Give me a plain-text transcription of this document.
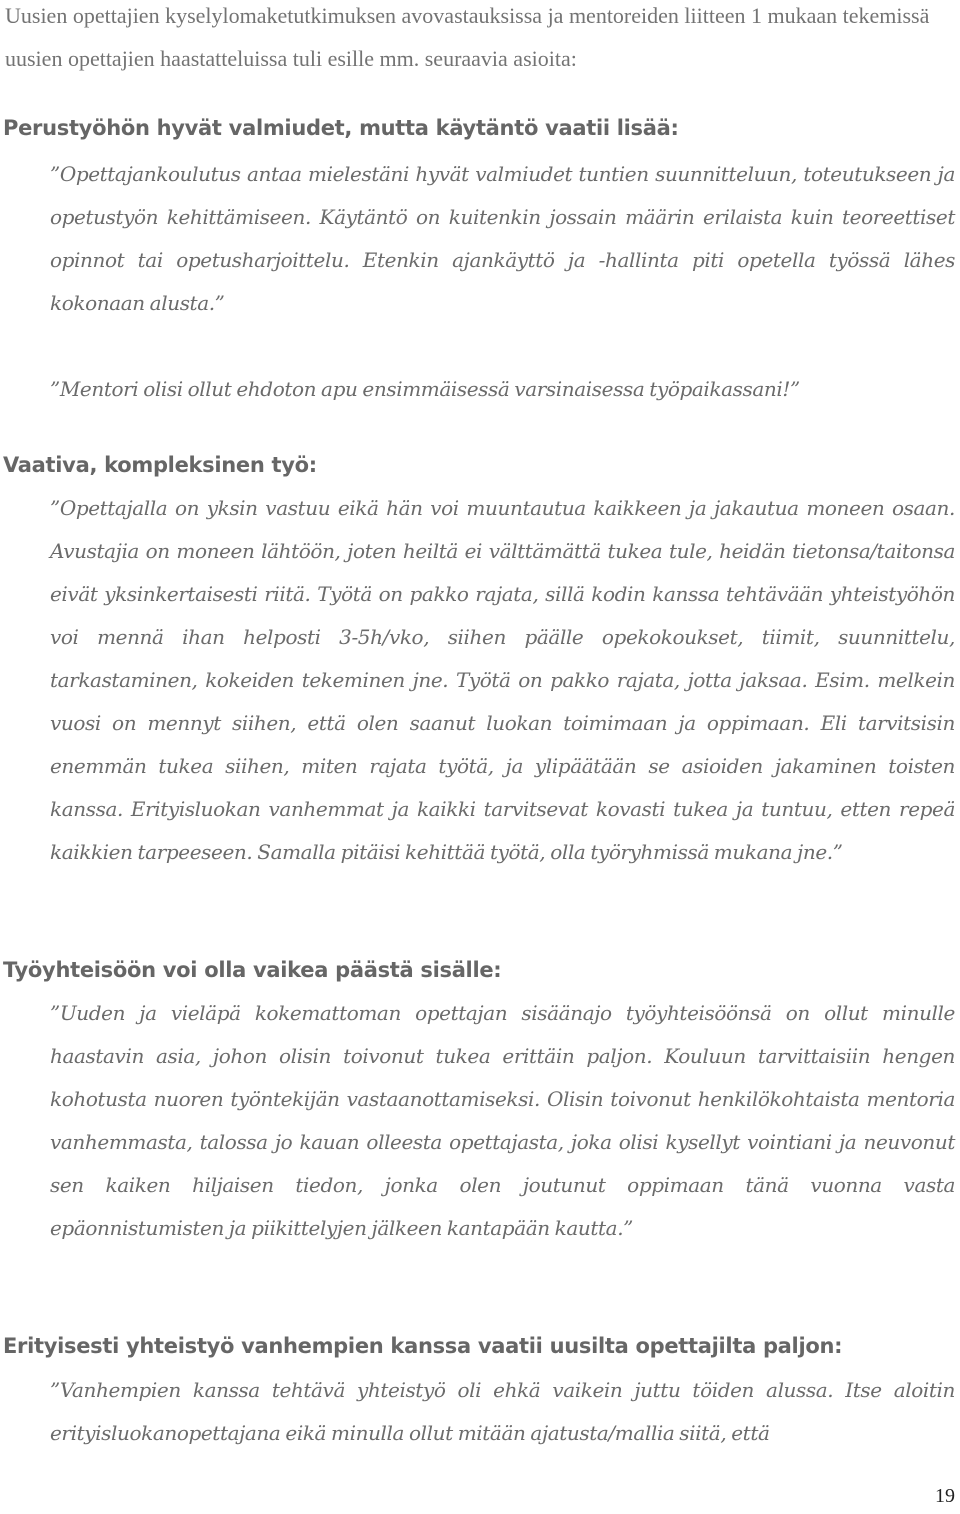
Uusien opettajien kyselylomaketutkimuksen avovastauksissa ja mentoreiden liitteen 1 mukaan tekemissä uusien opettajien haastatteluissa tuli esille mm. seuraavia asioita:

Perustyöhön hyvät valmiudet, mutta käytäntö vaatii lisää:

”Opettajankoulutus antaa mielestäni hyvät valmiudet tuntien suunnitteluun, toteutukseen ja opetustyön kehittämiseen. Käytäntö on kuitenkin jossain määrin erilaista kuin teoreettiset opinnot tai opetusharjoittelu. Etenkin ajankäyttö ja -hallinta piti opetella työssä lähes kokonaan alusta.”

”Mentori olisi ollut ehdoton apu ensimmäisessä varsinaisessa työpaikassani!”

Vaativa, kompleksinen työ:

”Opettajalla on yksin vastuu eikä hän voi muuntautua kaikkeen ja jakautua moneen osaan. Avustajia on moneen lähtöön, joten heiltä ei välttämättä tukea tule, heidän tietonsa/taitonsa eivät yksinkertaisesti riitä. Työtä on pakko rajata, sillä kodin kanssa tehtävään yhteistyöhön voi mennä ihan helposti 3-5h/vko, siihen päälle opekokoukset, tiimit, suunnittelu, tarkastaminen, kokeiden tekeminen jne. Työtä on pakko rajata, jotta jaksaa. Esim. melkein vuosi on mennyt siihen, että olen saanut luokan toimimaan ja oppimaan. Eli tarvitsisin enemmän tukea siihen, miten rajata työtä, ja ylipäätään se asioiden jakaminen toisten kanssa. Erityisluokan vanhemmat ja kaikki tarvitsevat kovasti tukea ja tuntuu, etten repeä kaikkien tarpeeseen. Samalla pitäisi kehittää työtä, olla työryhmissä mukana jne.”

Työyhteisöön voi olla vaikea päästä sisälle:

”Uuden ja vieläpä kokemattoman opettajan sisäänajo työyhteisöönsä on ollut minulle haastavin asia, johon olisin toivonut tukea erittäin paljon. Kouluun tarvittaisiin hengen kohotusta nuoren työntekijän vastaanottamiseksi. Olisin toivonut henkilökohtaista mentoria vanhemmasta, talossa jo kauan olleesta opettajasta, joka olisi kysellyt vointiani ja neuvonut sen kaiken hiljaisen tiedon, jonka olen joutunut oppimaan tänä vuonna vasta epäonnistumisten ja piikittelyjen jälkeen kantapään kautta.”

Erityisesti yhteistyö vanhempien kanssa vaatii uusilta opettajilta paljon:

”Vanhempien kanssa tehtävä yhteistyö oli ehkä vaikein juttu töiden alussa. Itse aloitin erityisluokanopettajana eikä minulla ollut mitään ajatusta/mallia siitä, että

19
